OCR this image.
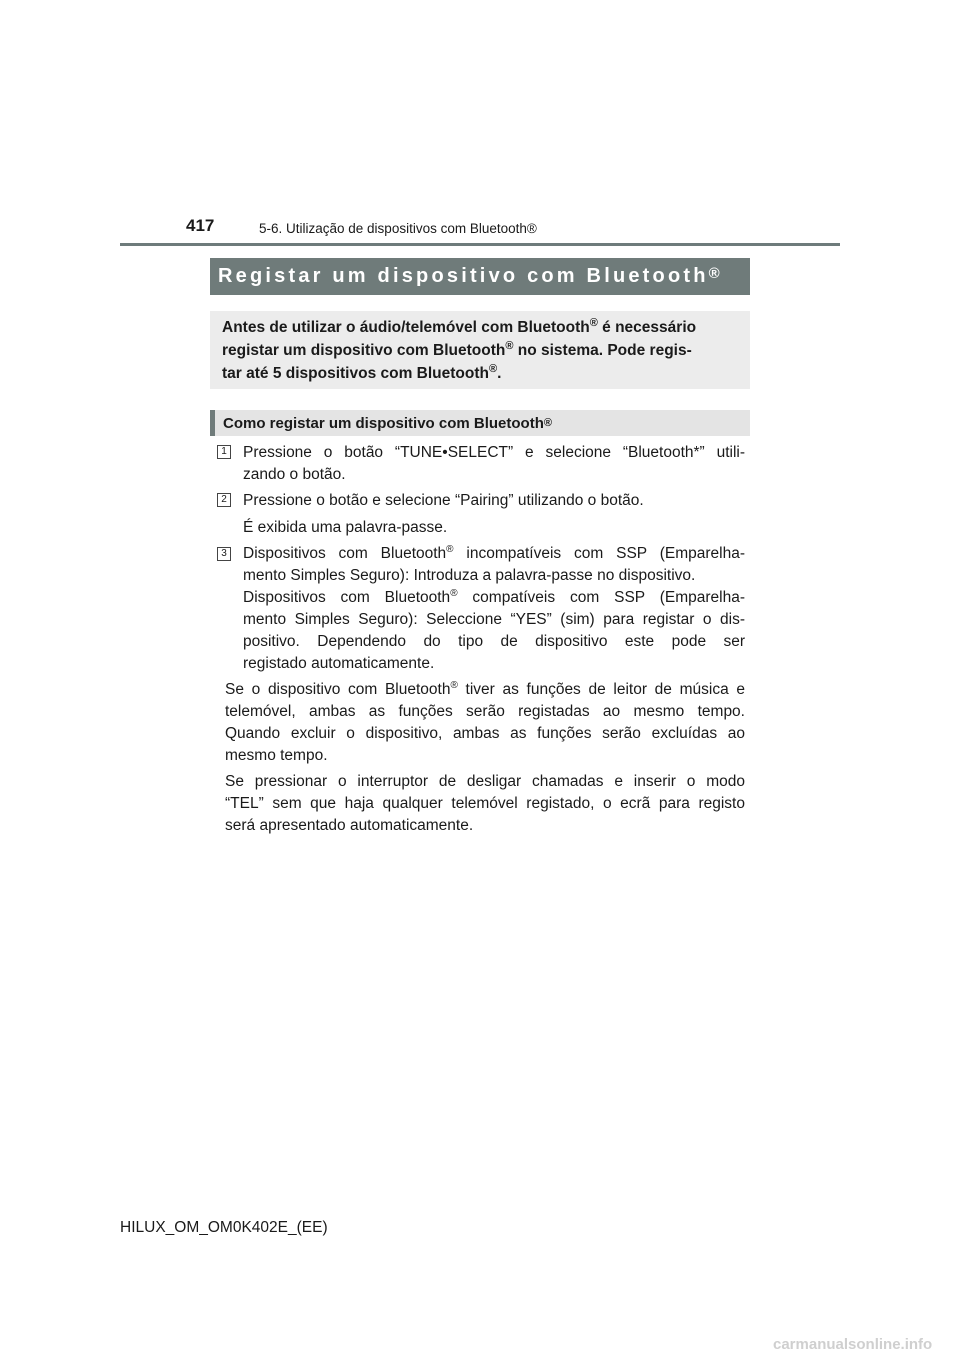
417	5-6. Utilização de dispositivos com Bluetooth®
Registar um dispositivo com Bluetooth®
Antes de utilizar o áudio/telemóvel com Bluetooth® é necessário
registar um dispositivo com Bluetooth® no sistema. Pode regis-
tar até 5 dispositivos com Bluetooth®.
Como registar um dispositivo com Bluetooth ®
1 Pressione o botão “TUNE•SELECT” e selecione “Bluetooth*” utili-
zando o botão.
2 Pressione o botão e selecione “Pairing” utilizando o botão.
É exibida uma palavra-passe.
3 Dispositivos com Bluetooth® incompatíveis com SSP (Emparelha-
mento Simples Seguro): Introduza a palavra-passe no dispositivo.
Dispositivos com Bluetooth® compatíveis com SSP (Emparelha-
mento Simples Seguro): Seleccione “YES” (sim) para registar o dis-
positivo. Dependendo do tipo de dispositivo este pode ser
registado automaticamente.
Se o dispositivo com Bluetooth® tiver as funções de leitor de música e
telemóvel, ambas as funções serão registadas ao mesmo tempo.
Quando excluir o dispositivo, ambas as funções serão excluídas ao
mesmo tempo.
Se pressionar o interruptor de desligar chamadas e inserir o modo
“TEL” sem que haja qualquer telemóvel registado, o ecrã para registo
será apresentado automaticamente.
HILUX_OM_OM0K402E_(EE)
carmanualsonline.info
